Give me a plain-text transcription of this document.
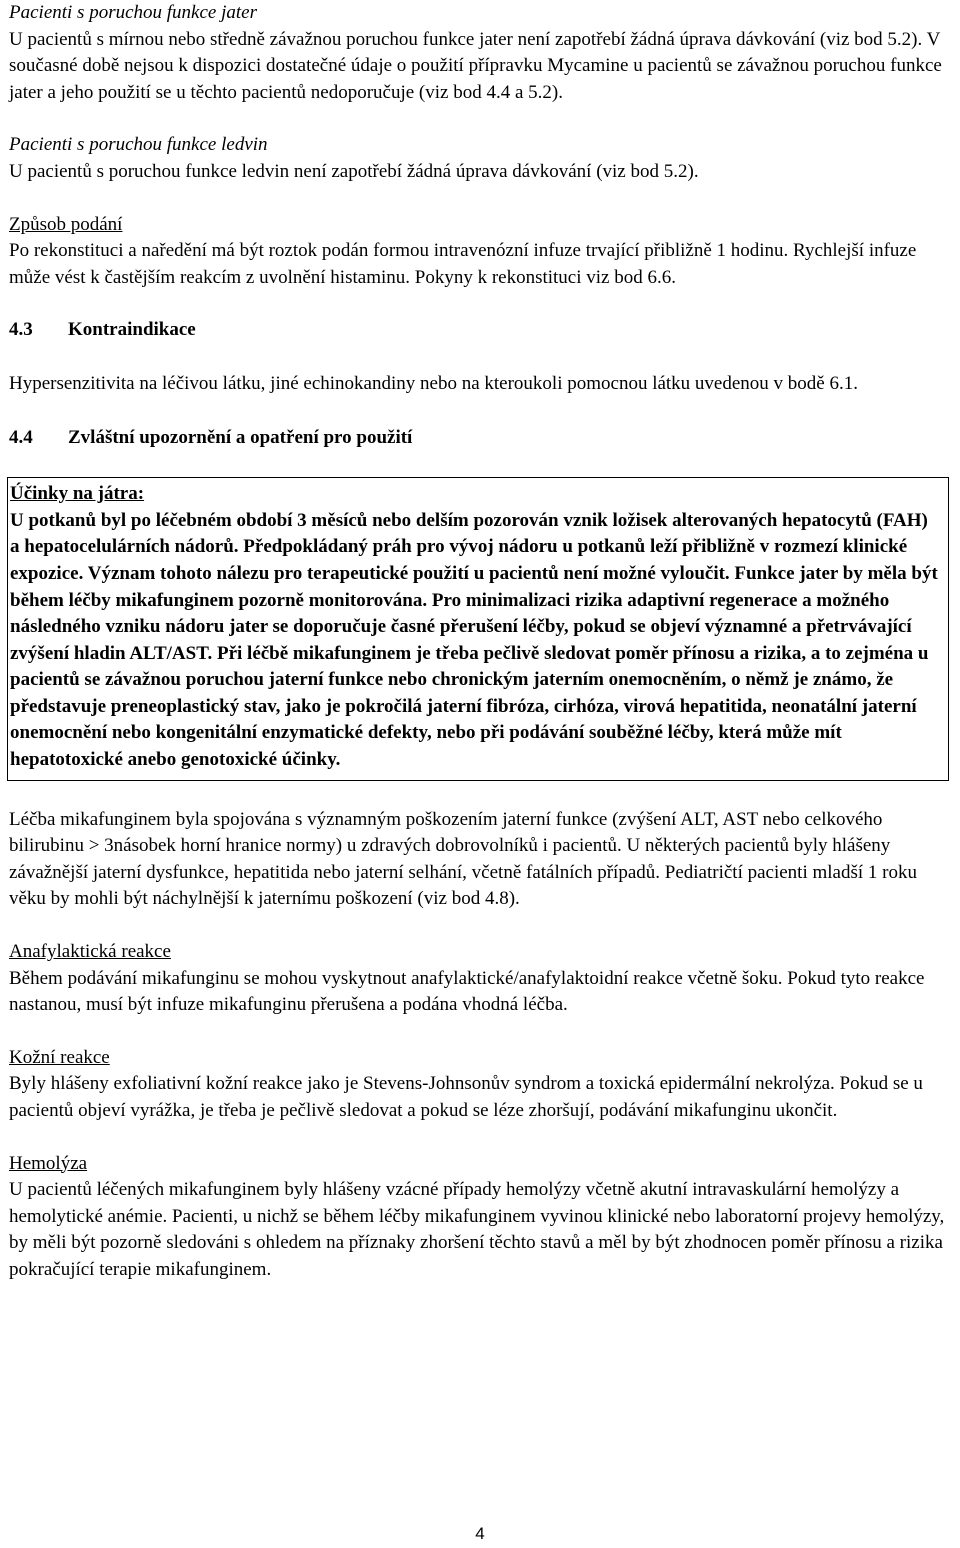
Pacienti s poruchou funkce jater

U pacientů s mírnou nebo středně závažnou poruchou funkce jater není zapotřebí žádná úprava dávkování (viz bod 5.2). V současné době nejsou k dispozici dostatečné údaje o použití přípravku Mycamine u pacientů se závažnou poruchou funkce jater a jeho použití se u těchto pacientů nedoporučuje (viz bod 4.4 a 5.2).

Pacienti s poruchou funkce ledvin

U pacientů s poruchou funkce ledvin není zapotřebí žádná úprava dávkování (viz bod 5.2).

Způsob podání

Po rekonstituci a naředění má být roztok podán formou intravenózní infuze trvající přibližně 1 hodinu. Rychlejší infuze může vést k častějším reakcím z uvolnění histaminu. Pokyny k rekonstituci viz bod 6.6.

4.3 Kontraindikace

Hypersenzitivita na léčivou látku, jiné echinokandiny nebo na kteroukoli pomocnou látku uvedenou v bodě 6.1.

4.4 Zvláštní upozornění a opatření pro použití

Účinky na játra:

U potkanů byl po léčebném období 3 měsíců nebo delším pozorován vznik ložisek alterovaných hepatocytů (FAH) a hepatocelulárních nádorů. Předpokládaný práh pro vývoj nádoru u potkanů leží přibližně v rozmezí klinické expozice. Význam tohoto nálezu pro terapeutické použití u pacientů není možné vyloučit. Funkce jater by měla být během léčby mikafunginem pozorně monitorována. Pro minimalizaci rizika adaptivní regenerace a možného následného vzniku nádoru jater se doporučuje časné přerušení léčby, pokud se objeví významné a přetrvávající zvýšení hladin ALT/AST. Při léčbě mikafunginem je třeba pečlivě sledovat poměr přínosu a rizika, a to zejména u pacientů se závažnou poruchou jaterní funkce nebo chronickým jaterním onemocněním, o němž je známo, že představuje preneoplastický stav, jako je pokročilá jaterní fibróza, cirhóza, virová hepatitida, neonatální jaterní onemocnění nebo kongenitální enzymatické defekty, nebo při podávání souběžné léčby, která může mít hepatotoxické anebo genotoxické účinky.

Léčba mikafunginem byla spojována s významným poškozením jaterní funkce (zvýšení ALT, AST nebo celkového bilirubinu > 3násobek horní hranice normy) u zdravých dobrovolníků i pacientů. U některých pacientů byly hlášeny závažnější jaterní dysfunkce, hepatitida nebo jaterní selhání, včetně fatálních případů. Pediatričtí pacienti mladší 1 roku věku by mohli být náchylnější k jaternímu poškození (viz bod 4.8).

Anafylaktická reakce

Během podávání mikafunginu se mohou vyskytnout anafylaktické/anafylaktoidní reakce včetně šoku. Pokud tyto reakce nastanou, musí být infuze mikafunginu přerušena a podána vhodná léčba.

Kožní reakce

Byly hlášeny exfoliativní kožní reakce jako je Stevens-Johnsonův syndrom a toxická epidermální nekrolýza. Pokud se u pacientů objeví vyrážka, je třeba je pečlivě sledovat a pokud se léze zhoršují, podávání mikafunginu ukončit.

Hemolýza

U pacientů léčených mikafunginem byly hlášeny vzácné případy hemolýzy včetně akutní intravaskulární hemolýzy a hemolytické anémie. Pacienti, u nichž se během léčby mikafunginem vyvinou klinické nebo laboratorní projevy hemolýzy, by měli být pozorně sledováni s ohledem na příznaky zhoršení těchto stavů a měl by být zhodnocen poměr přínosu a rizika pokračující terapie mikafunginem.

4
